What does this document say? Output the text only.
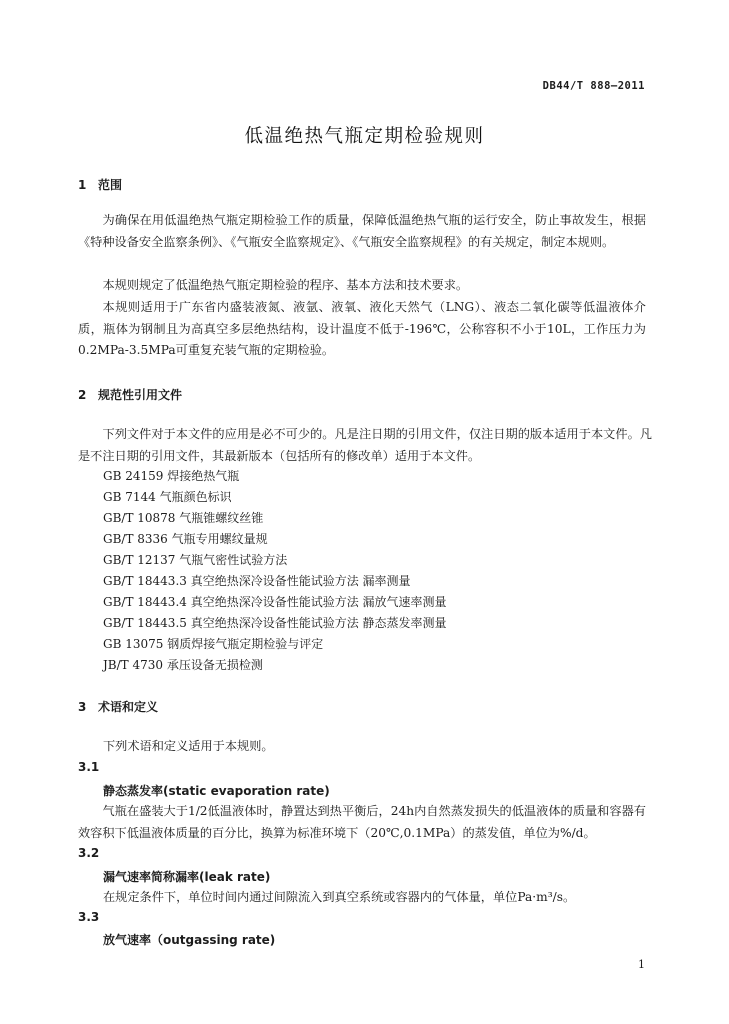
DB44/T 888—2011
低温绝热气瓶定期检验规则
1 范围
为确保在用低温绝热气瓶定期检验工作的质量，保障低温绝热气瓶的运行安全，防止事故发生，根据《特种设备安全监察条例》、《气瓶安全监察规定》、《气瓶安全监察规程》的有关规定，制定本规则。
本规则规定了低温绝热气瓶定期检验的程序、基本方法和技术要求。
本规则适用于广东省内盛装液氮、液氩、液氧、液化天然气（LNG）、液态二氧化碳等低温液体介质，瓶体为钢制且为高真空多层绝热结构，设计温度不低于-196℃，公称容积不小于10L，工作压力为0.2MPa-3.5MPa可重复充装气瓶的定期检验。
2 规范性引用文件
下列文件对于本文件的应用是必不可少的。凡是注日期的引用文件，仅注日期的版本适用于本文件。凡是不注日期的引用文件，其最新版本（包括所有的修改单）适用于本文件。
GB 24159 焊接绝热气瓶
GB 7144 气瓶颜色标识
GB/T 10878 气瓶锥螺纹丝锥
GB/T 8336 气瓶专用螺纹量规
GB/T 12137 气瓶气密性试验方法
GB/T 18443.3 真空绝热深冷设备性能试验方法 漏率测量
GB/T 18443.4 真空绝热深冷设备性能试验方法 漏放气速率测量
GB/T 18443.5 真空绝热深冷设备性能试验方法 静态蒸发率测量
GB 13075 钢质焊接气瓶定期检验与评定
JB/T 4730 承压设备无损检测
3 术语和定义
下列术语和定义适用于本规则。
3.1
静态蒸发率(static evaporation rate)
气瓶在盛装大于1/2低温液体时，静置达到热平衡后，24h内自然蒸发损失的低温液体的质量和容器有效容积下低温液体质量的百分比，换算为标准环境下（20℃,0.1MPa）的蒸发值，单位为%/d。
3.2
漏气速率简称漏率(leak rate)
在规定条件下，单位时间内通过间隙流入到真空系统或容器内的气体量，单位Pa·m³/s。
3.3
放气速率（outgassing rate)
1
